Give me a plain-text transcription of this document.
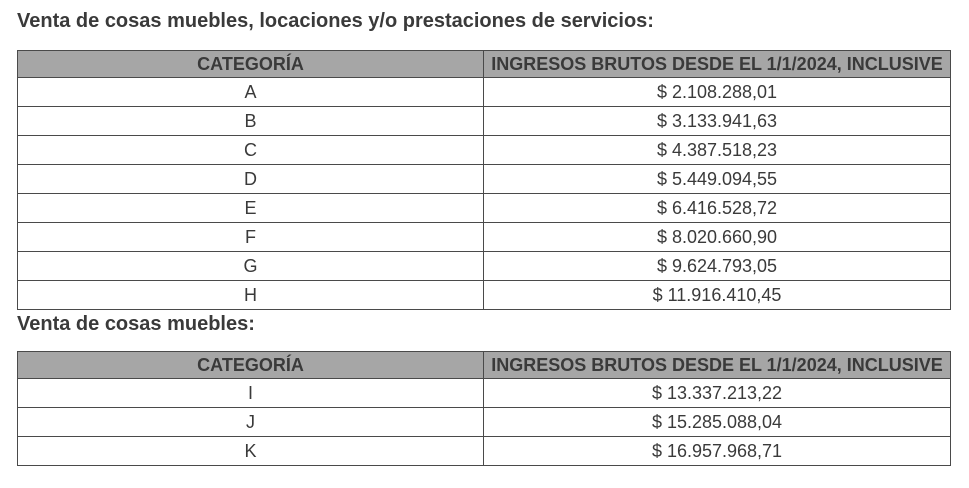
Venta de cosas muebles, locaciones y/o prestaciones de servicios:
CATEGORÍA	INGRESOS BRUTOS DESDE EL 1/1/2024, INCLUSIVE
A	$ 2.108.288,01
B	$ 3.133.941,63
C	$ 4.387.518,23
D	$ 5.449.094,55
E	$ 6.416.528,72
F	$ 8.020.660,90
G	$ 9.624.793,05
H	$ 11.916.410,45
Venta de cosas muebles:
CATEGORÍA	INGRESOS BRUTOS DESDE EL 1/1/2024, INCLUSIVE
I	$ 13.337.213,22
J	$ 15.285.088,04
K	$ 16.957.968,71
